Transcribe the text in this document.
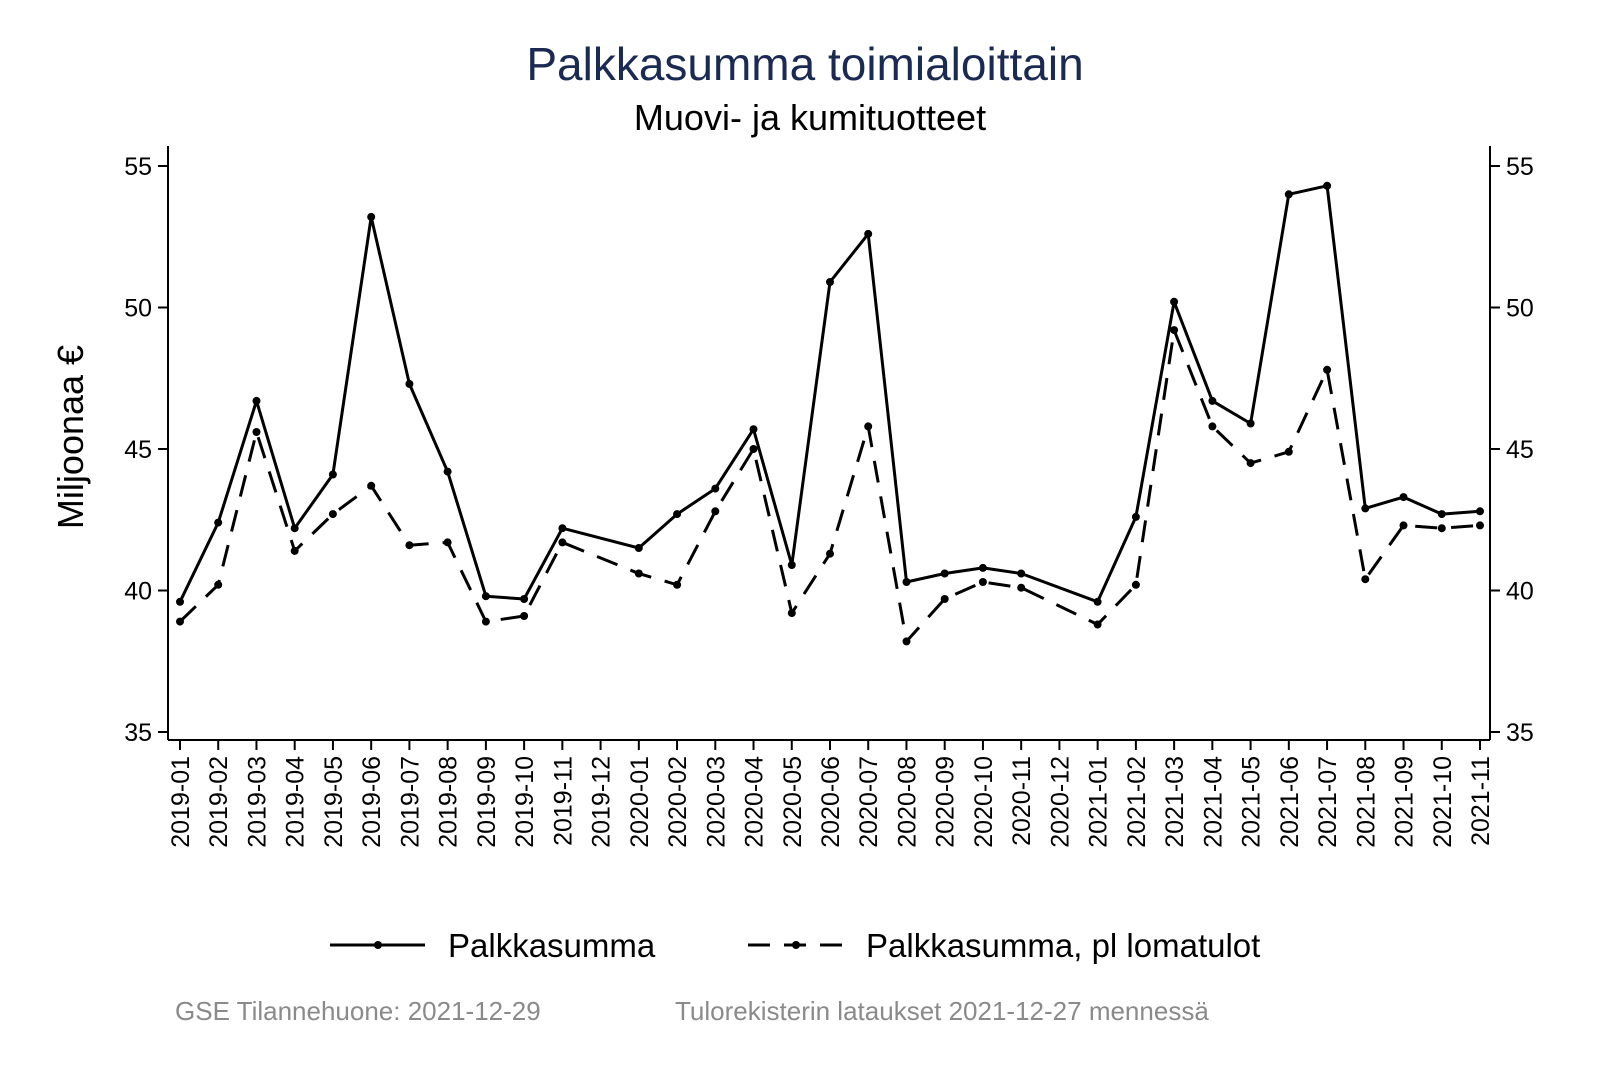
Palkkasumma toimialoittain
Muovi- ja kumituotteet
Miljoonaa €
35
40
45
50
55
35
40
45
50
55
2019-01 2019-02 2019-03 2019-04 2019-05 2019-06 2019-07 2019-08 2019-09 2019-10 2019-11 2019-12 2020-01 2020-02 2020-03 2020-04 2020-05 2020-06 2020-07 2020-08 2020-09 2020-10 2020-11 2020-12 2021-01 2021-02 2021-03 2021-04 2021-05 2021-06 2021-07 2021-08 2021-09 2021-10 2021-11
Palkkasumma	Palkkasumma, pl lomatulot
GSE Tilannehuone: 2021-12-29	Tulorekisterin lataukset 2021-12-27 mennessä
